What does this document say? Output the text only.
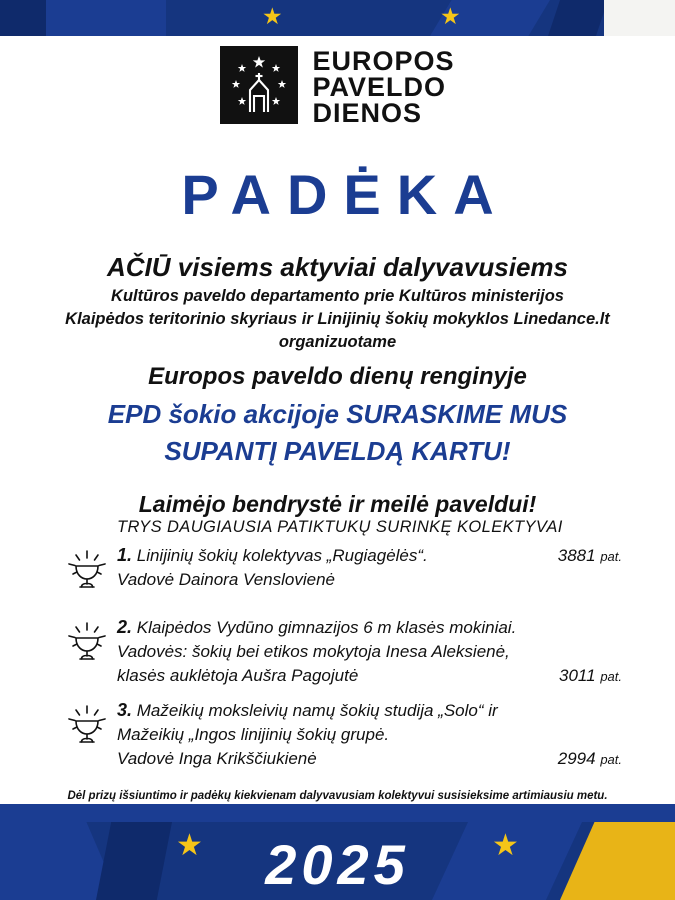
★	★
EUROPOS
PAVELDO
DIENOS
PADĖKA
AČIŪ visiems aktyviai dalyvavusiems
Kultūros paveldo departamento prie Kultūros ministerijos
Klaipėdos teritorinio skyriaus ir Linijinių šokių mokyklos Linedance.lt
organizuotame
Europos paveldo dienų renginyje
EPD šokio akcijoje SURASKIME MUS
SUPANTĮ PAVELDĄ KARTU!
Laimėjo bendrystė ir meilė paveldui!
TRYS DAUGIAUSIA PATIKTUKŲ SURINKĘ KOLEKTYVAI
1. Linijinių šokių kolektyvas „Rugiagėlės“.
Vadovė Dainora Venslovienė
3881 pat.
2. Klaipėdos Vydūno gimnazijos 6 m klasės mokiniai.
Vadovės: šokių bei etikos mokytoja Inesa Aleksienė,
klasės auklėtoja Aušra Pagojutė	3011 pat.
3. Mažeikių moksleivių namų šokių studija „Solo“ ir
Mažeikių „Ingos linijinių šokių grupė.
Vadovė Inga Krikščiukienė	2994 pat.
Dėl prizų išsiuntimo ir padėkų kiekvienam dalyvavusiam kolektyvui susisieksime artimiausiu metu.
★	★
2025
